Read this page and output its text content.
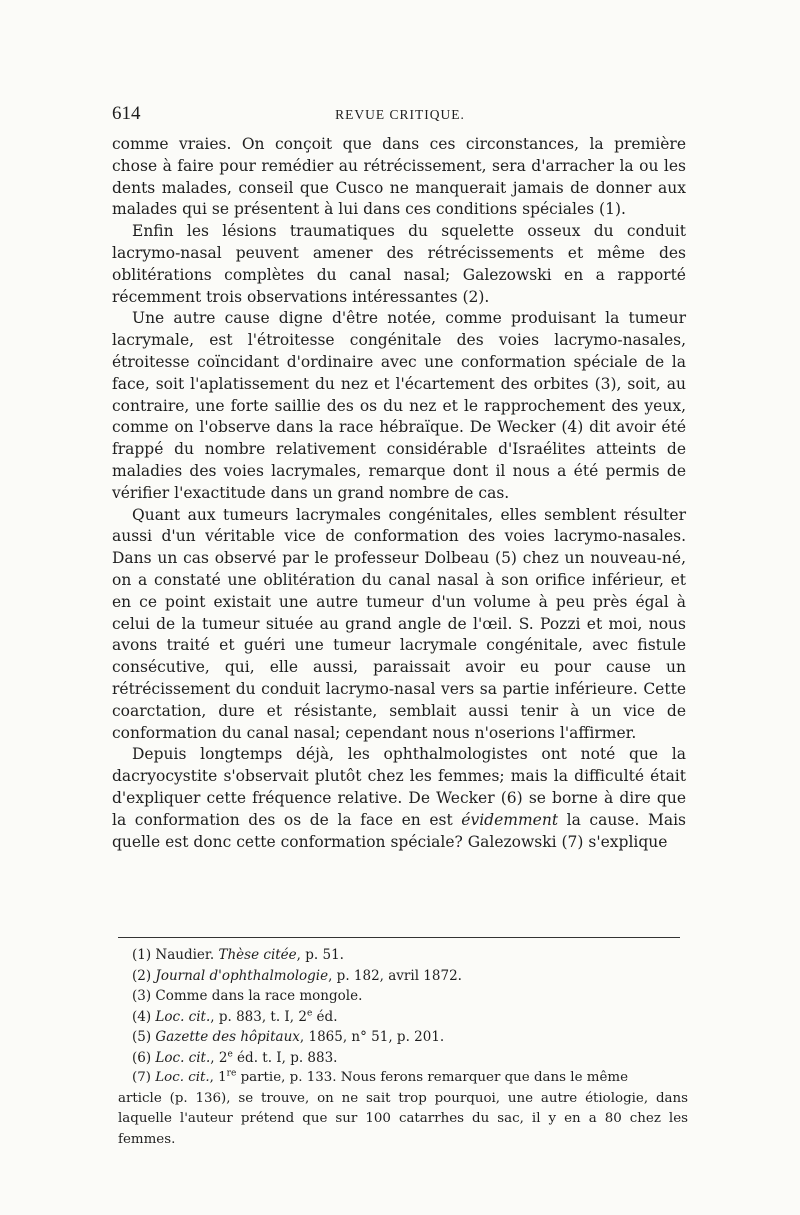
614	REVUE CRITIQUE.

comme vraies. On conçoit que dans ces circonstances, la première chose à faire pour remédier au rétrécissement, sera d'arracher la ou les dents malades, conseil que Cusco ne manquerait jamais de donner aux malades qui se présentent à lui dans ces conditions spéciales (1).

Enfin les lésions traumatiques du squelette osseux du conduit lacrymo-nasal peuvent amener des rétrécissements et même des oblitérations complètes du canal nasal; Galezowski en a rapporté récemment trois observations intéressantes (2).

Une autre cause digne d'être notée, comme produisant la tumeur lacrymale, est l'étroitesse congénitale des voies lacrymo-nasales, étroitesse coïncidant d'ordinaire avec une conformation spéciale de la face, soit l'aplatissement du nez et l'écartement des orbites (3), soit, au contraire, une forte saillie des os du nez et le rapprochement des yeux, comme on l'observe dans la race hébraïque. De Wecker (4) dit avoir été frappé du nombre relativement considérable d'Israélites atteints de maladies des voies lacrymales, remarque dont il nous a été permis de vérifier l'exactitude dans un grand nombre de cas.

Quant aux tumeurs lacrymales congénitales, elles semblent résulter aussi d'un véritable vice de conformation des voies lacrymo-nasales. Dans un cas observé par le professeur Dolbeau (5) chez un nouveau-né, on a constaté une oblitération du canal nasal à son orifice inférieur, et en ce point existait une autre tumeur d'un volume à peu près égal à celui de la tumeur située au grand angle de l'œil. S. Pozzi et moi, nous avons traité et guéri une tumeur lacrymale congénitale, avec fistule consécutive, qui, elle aussi, paraissait avoir eu pour cause un rétrécissement du conduit lacrymo-nasal vers sa partie inférieure. Cette coarctation, dure et résistante, semblait aussi tenir à un vice de conformation du canal nasal; cependant nous n'oserions l'affirmer.

Depuis longtemps déjà, les ophthalmologistes ont noté que la dacryocystite s'observait plutôt chez les femmes; mais la difficulté était d'expliquer cette fréquence relative. De Wecker (6) se borne à dire que la conformation des os de la face en est évidemment la cause. Mais quelle est donc cette conformation spéciale? Galezowski (7) s'explique

(1) Naudier. Thèse citée, p. 51.

(2) Journal d'ophthalmologie, p. 182, avril 1872.

(3) Comme dans la race mongole.

(4) Loc. cit., p. 883, t. I, 2e éd.

(5) Gazette des hôpitaux, 1865, n° 51, p. 201.

(6) Loc. cit., 2e éd. t. I, p. 883.

(7) Loc. cit., 1re partie, p. 133. Nous ferons remarquer que dans le même

article (p. 136), se trouve, on ne sait trop pourquoi, une autre étiologie, dans laquelle l'auteur prétend que sur 100 catarrhes du sac, il y en a 80 chez les femmes.
